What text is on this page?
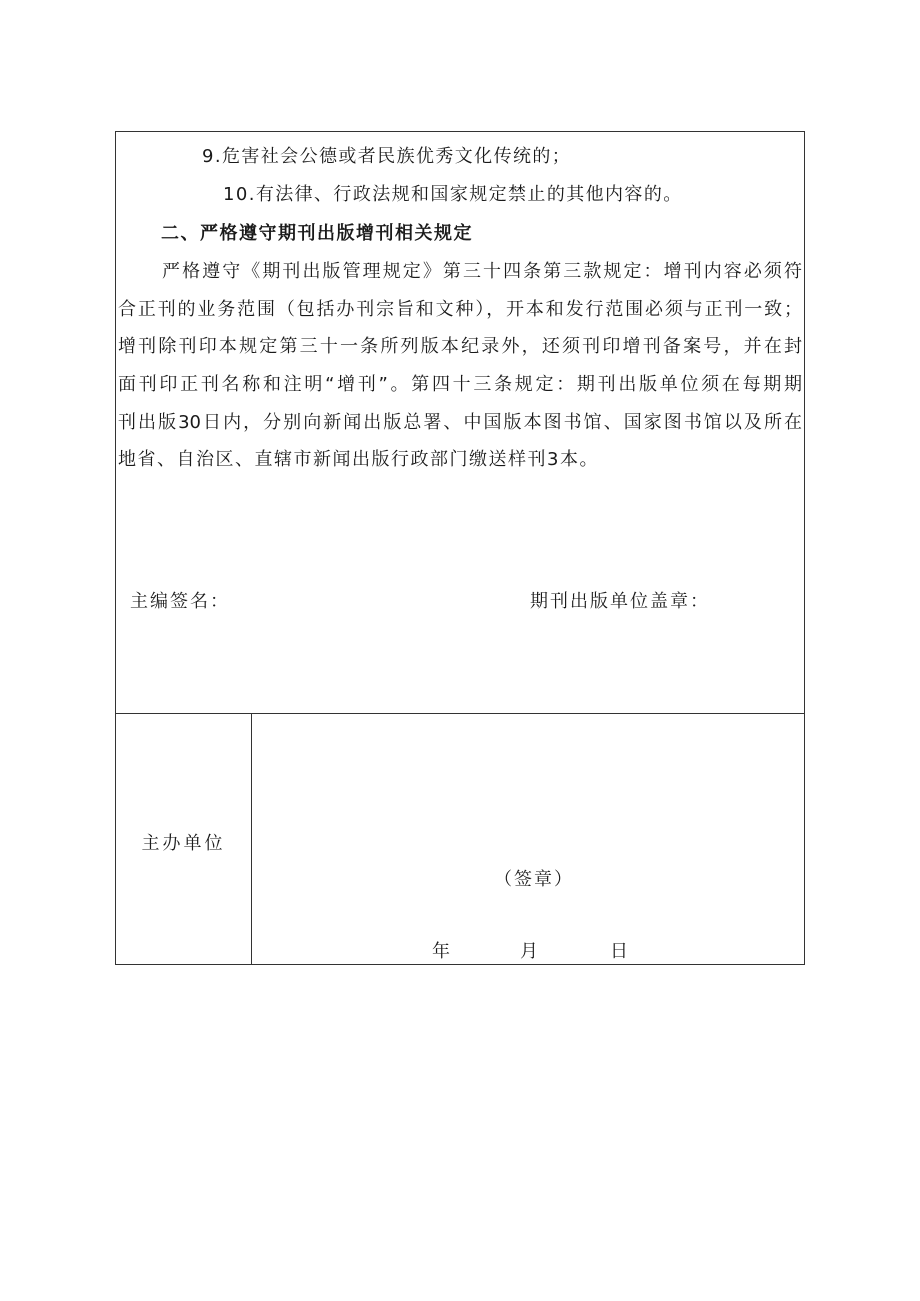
9.危害社会公德或者民族优秀文化传统的；
10.有法律、行政法规和国家规定禁止的其他内容的。
二、严格遵守期刊出版增刊相关规定
严格遵守《期刊出版管理规定》第三十四条第三款规定：增刊内容必须符
合正刊的业务范围（包括办刊宗旨和文种），开本和发行范围必须与正刊一致；
增刊除刊印本规定第三十一条所列版本纪录外，还须刊印增刊备案号，并在封
面刊印正刊名称和注明“增刊”。第四十三条规定：期刊出版单位须在每期期
刊出版30日内，分别向新闻出版总署、中国版本图书馆、国家图书馆以及所在
地省、自治区、直辖市新闻出版行政部门缴送样刊3本。
主编签名：	期刊出版单位盖章：
主办单位
（签章）
年	月	日
